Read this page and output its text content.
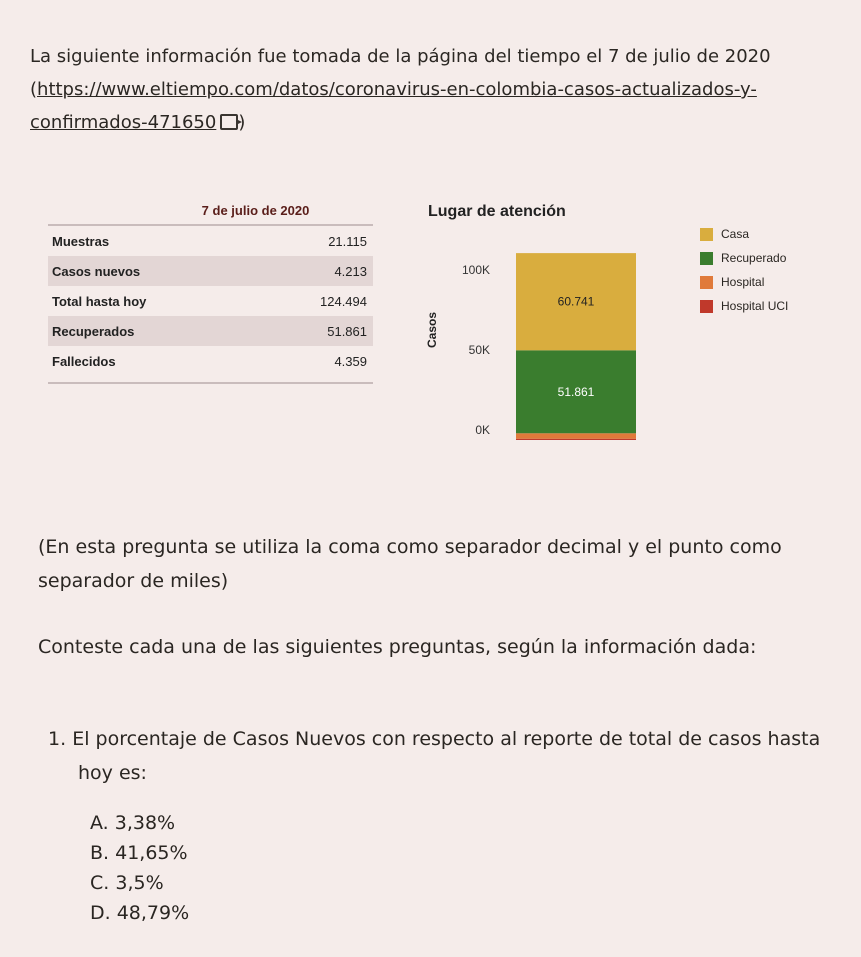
La siguiente información fue tomada de la página del tiempo el 7 de julio de 2020 (https://www.eltiempo.com/datos/coronavirus-en-colombia-casos-actualizados-y-confirmados-471650 )
7 de julio de 2020
Muestras	21.115
Casos nuevos	4.213
Total hasta hoy	124.494
Recuperados	51.861
Fallecidos	4.359
Lugar de atención
Casos
0K
50K
100K
51.861
60.741
Casa
Recuperado
Hospital
Hospital UCI
(En esta pregunta se utiliza la coma como separador decimal y el punto como separador de miles)
Conteste cada una de las siguientes preguntas, según la información dada:
1. El porcentaje de Casos Nuevos con respecto al reporte de total de casos hasta hoy es:
A. 3,38%
B. 41,65%
C. 3,5%
D. 48,79%
